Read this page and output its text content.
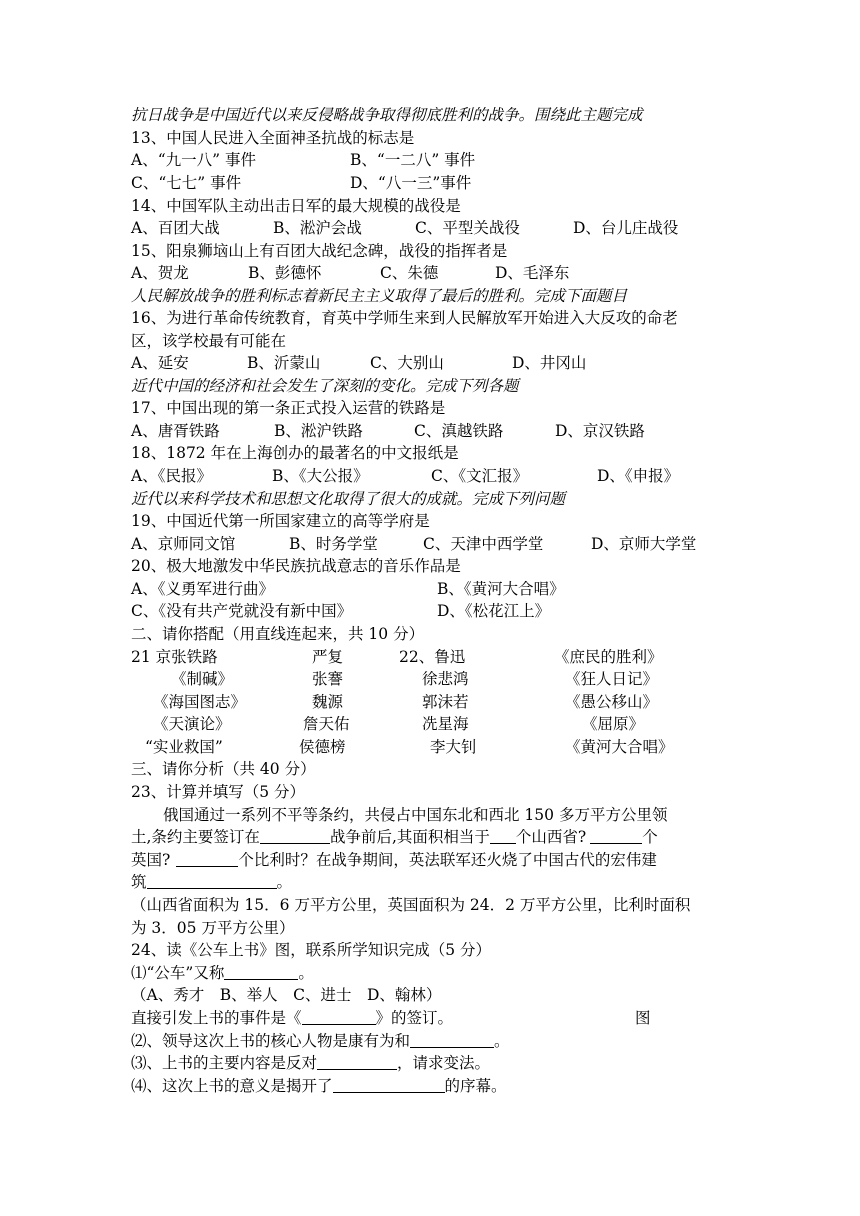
抗日战争是中国近代以来反侵略战争取得彻底胜利的战争。围绕此主题完成
13、中国人民进入全面神圣抗战的标志是
A、“九一八” 事件	B、“一二八” 事件
C、“七七” 事件	D、“八一三”事件
14、中国军队主动出击日军的最大规模的战役是
A、百团大战	B、淞沪会战	C、平型关战役	D、台儿庄战役
15、阳泉狮垴山上有百团大战纪念碑，战役的指挥者是
A、贺龙	B、彭德怀	C、朱德	D、毛泽东
人民解放战争的胜利标志着新民主主义取得了最后的胜利。完成下面题目
16、为进行革命传统教育，育英中学师生来到人民解放军开始进入大反攻的命老
区，该学校最有可能在
A、延安	B、沂蒙山	C、大别山	D、井冈山
近代中国的经济和社会发生了深刻的变化。完成下列各题
17、中国出现的第一条正式投入运营的铁路是
A、唐胥铁路	B、淞沪铁路	C、滇越铁路	D、京汉铁路
18、1872 年在上海创办的最著名的中文报纸是
A、《民报》	B、《大公报》	C、《文汇报》	D、《申报》
近代以来科学技术和思想文化取得了很大的成就。完成下列问题
19、中国近代第一所国家建立的高等学府是
A、京师同文馆	B、时务学堂	C、天津中西学堂	D、京师大学堂
20、极大地激发中华民族抗战意志的音乐作品是
A、《义勇军进行曲》	B、《黄河大合唱》
C、《没有共产党就没有新中国》	D、《松花江上》
二、请你搭配（用直线连起来，共 10 分）
21 京张铁路	严复	22、鲁迅	《庶民的胜利》
《制碱》	张謇	徐悲鸿	《狂人日记》
《海国图志》	魏源	郭沫若	《愚公移山》
《天演论》	詹天佑	冼星海	《屈原》
“实业救国”	侯德榜	李大钊	《黄河大合唱》
三、请你分析（共 40 分）
23、计算并填写（5 分）
俄国通过一系列不平等条约，共侵占中国东北和西北 150 多万平方公里领
土,条约主要签订在	战争前后,其面积相当于 个山西省?	个
英国?	个比利时？在战争期间，英法联军还火烧了中国古代的宏伟建
筑	。
（山西省面积为 15．6 万平方公里，英国面积为 24．2 万平方公里，比利时面积
为 3．05 万平方公里）
24、读《公车上书》图，联系所学知识完成（5 分）
⑴“公车”又称	。
（A、秀才　B、举人　C、进士　D、翰林）
直接引发上书的事件是《	》的签订。	图
⑵、领导这次上书的核心人物是康有为和	。
⑶、上书的主要内容是反对	，请求变法。
⑷、这次上书的意义是揭开了	的序幕。
